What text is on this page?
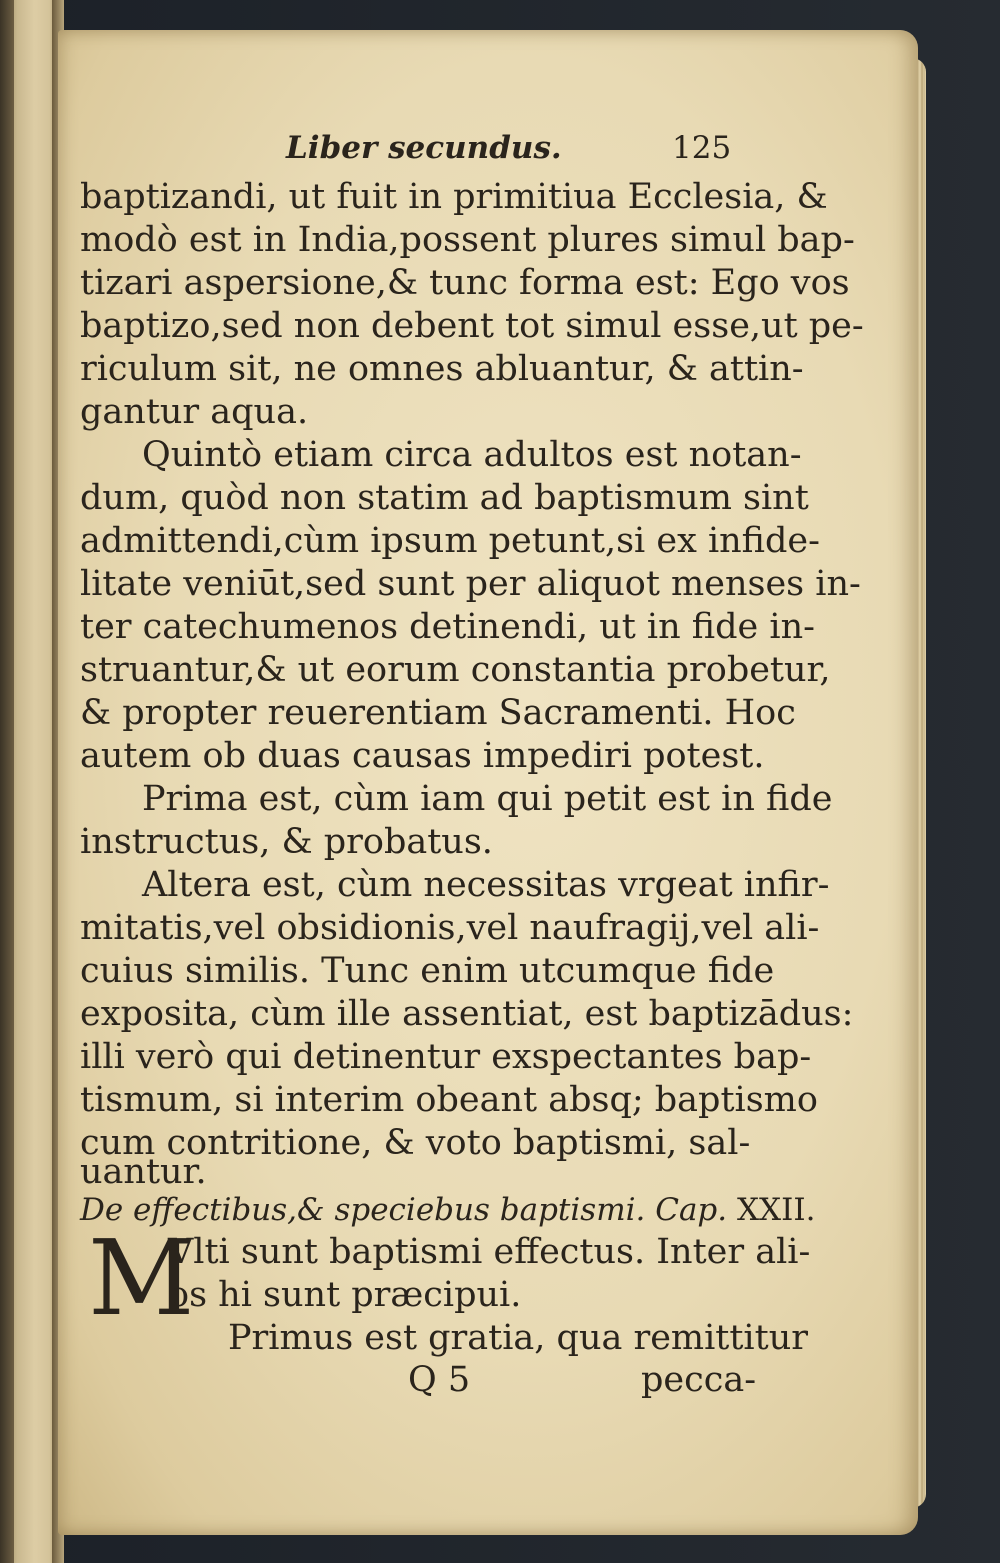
Liber secundus.	125
baptizandi, ut fuit in primitiua Ecclesia, &
modò est in India,possent plures simul bap-
tizari aspersione,& tunc forma est: Ego vos
baptizo,sed non debent tot simul esse,ut pe-
riculum sit, ne omnes abluantur, & attin-
gantur aqua.
Quintò etiam circa adultos est notan-
dum, quòd non statim ad baptismum sint
admittendi,cùm ipsum petunt,si ex infide-
litate veniūt,sed sunt per aliquot menses in-
ter catechumenos detinendi, ut in fide in-
struantur,& ut eorum constantia probetur,
& propter reuerentiam Sacramenti. Hoc
autem ob duas causas impediri potest.
Prima est, cùm iam qui petit est in fide
instructus, & probatus.
Altera est, cùm necessitas vrgeat infir-
mitatis,vel obsidionis,vel naufragij,vel ali-
cuius similis. Tunc enim utcumque fide
exposita, cùm ille assentiat, est baptizādus:
illi verò qui detinentur exspectantes bap-
tismum, si interim obeant absq; baptismo
cum contritione, & voto baptismi, sal-
uantur.
De effectibus,& speciebus baptismi. Cap. XXII.
M
Vlti sunt baptismi effectus. Inter ali-
os hi sunt præcipui.
Primus est gratia, qua remittitur
Q 5	pecca-
